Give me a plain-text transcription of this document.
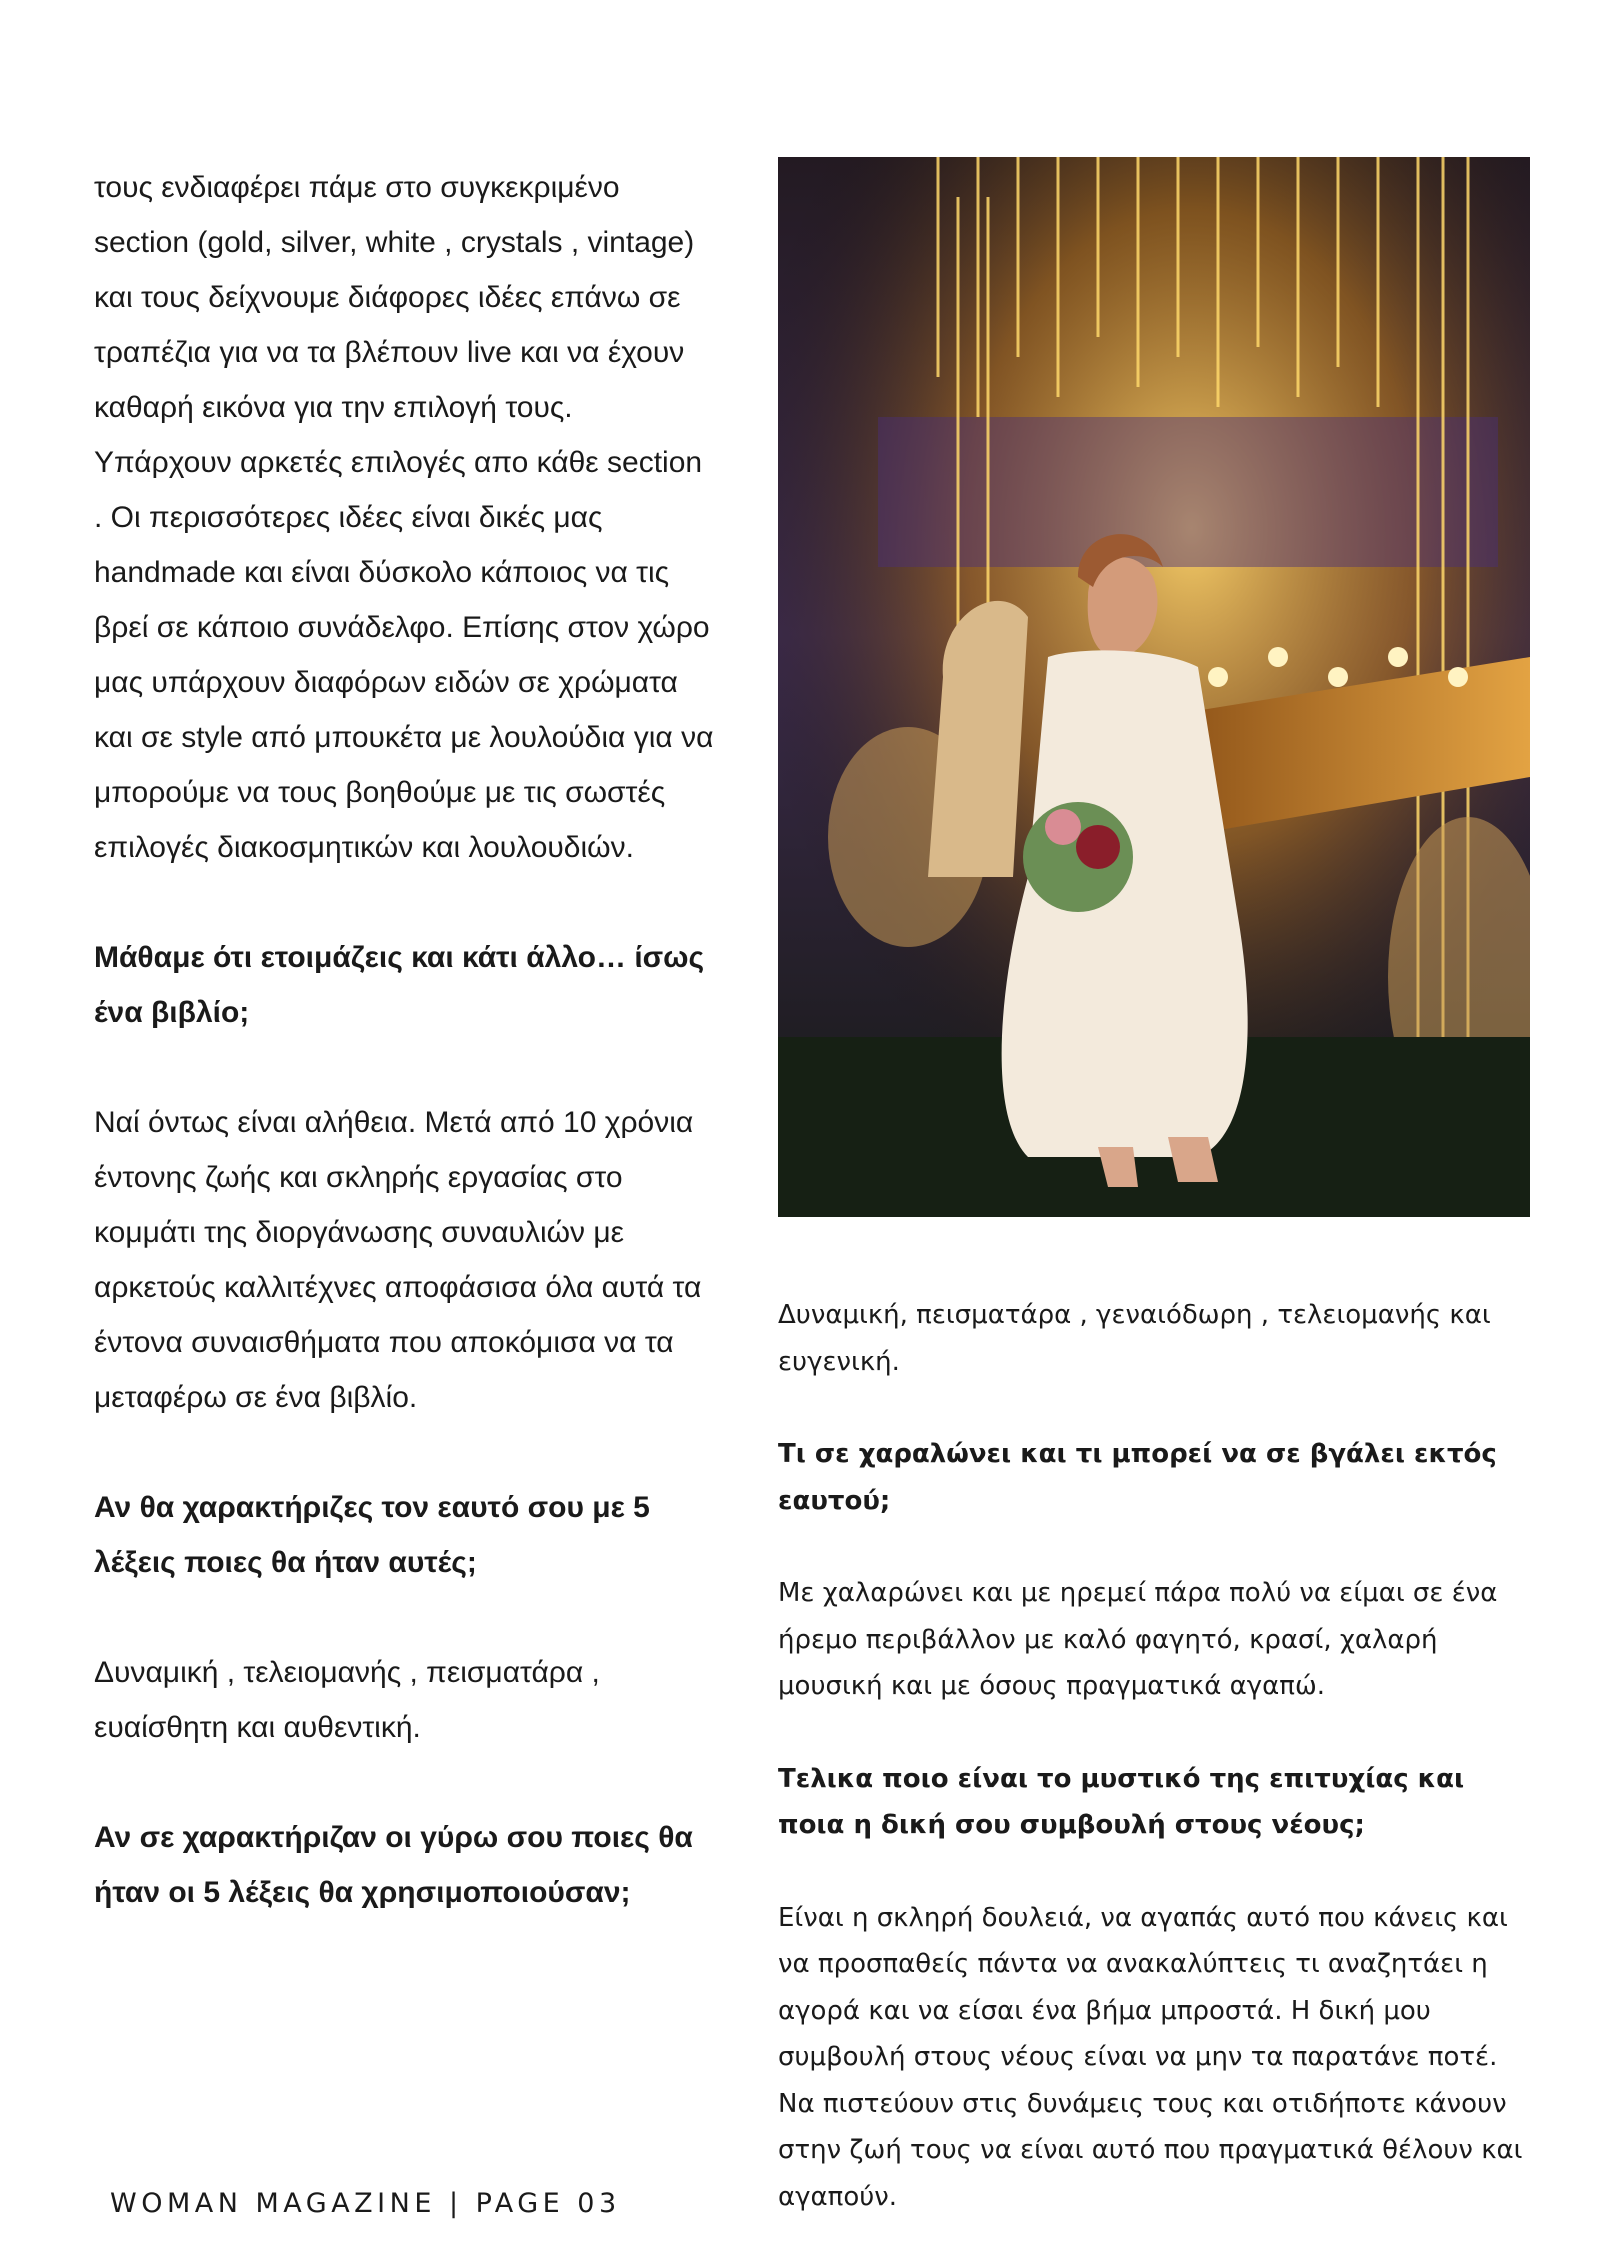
τους ενδιαφέρει πάμε στο συγκεκριμένο section (gold, silver, white , crystals , vintage) και τους δείχνουμε διάφορες ιδέες επάνω σε τραπέζια για να τα βλέπουν live και να έχουν καθαρή εικόνα για την επιλογή τους. Υπάρχουν αρκετές επιλογές απο κάθε section . Οι περισσότερες ιδέες είναι δικές μας handmade και είναι δύσκολο κάποιος να τις βρεί σε κάποιο συνάδελφο. Επίσης στον χώρο μας υπάρχουν διαφόρων ειδών σε χρώματα και σε style από μπουκέτα με λουλούδια για να μπορούμε να τους βοηθούμε με τις σωστές επιλογές διακοσμητικών και λουλουδιών.

Μάθαμε ότι ετοιμάζεις και κάτι άλλο… ίσως ένα βιβλίο;

Ναί όντως είναι αλήθεια. Μετά από 10 χρόνια έντονης ζωής και σκληρής εργασίας στο κομμάτι της διοργάνωσης συναυλιών με αρκετούς καλλιτέχνες αποφάσισα όλα αυτά τα έντονα συναισθήματα που αποκόμισα να τα μεταφέρω σε ένα βιβλίο.

Αν θα χαρακτήριζες τον εαυτό σου με 5 λέξεις ποιες θα ήταν αυτές;

Δυναμική , τελειομανής , πεισματάρα , ευαίσθητη και αυθεντική.

Αν σε χαρακτήριζαν οι γύρω σου ποιες θα ήταν οι 5 λέξεις θα χρησιμοποιούσαν;

Δυναμική, πεισματάρα , γεναιόδωρη , τελειομανής και ευγενική.

Τι σε χαραλώνει και τι μπορεί να σε βγάλει εκτός εαυτού;

Με χαλαρώνει και με ηρεμεί πάρα πολύ να είμαι σε ένα ήρεμο περιβάλλον με καλό φαγητό, κρασί, χαλαρή μουσική και με όσους πραγματικά αγαπώ.

Τελικα ποιο είναι το μυστικό της επιτυχίας και ποια η δική σου συμβουλή στους νέους;

Είναι η σκληρή δουλειά, να αγαπάς αυτό που κάνεις και να προσπαθείς πάντα να ανακαλύπτεις τι αναζητάει η αγορά και να είσαι ένα βήμα μπροστά. Η δική μου συμβουλή στους νέους είναι να μην τα παρατάνε ποτέ. Να πιστεύουν στις δυνάμεις τους και οτιδήποτε κάνουν στην ζωή τους να είναι αυτό που πραγματικά θέλουν και αγαπούν.

WOMAN MAGAZINE | PAGE 03
